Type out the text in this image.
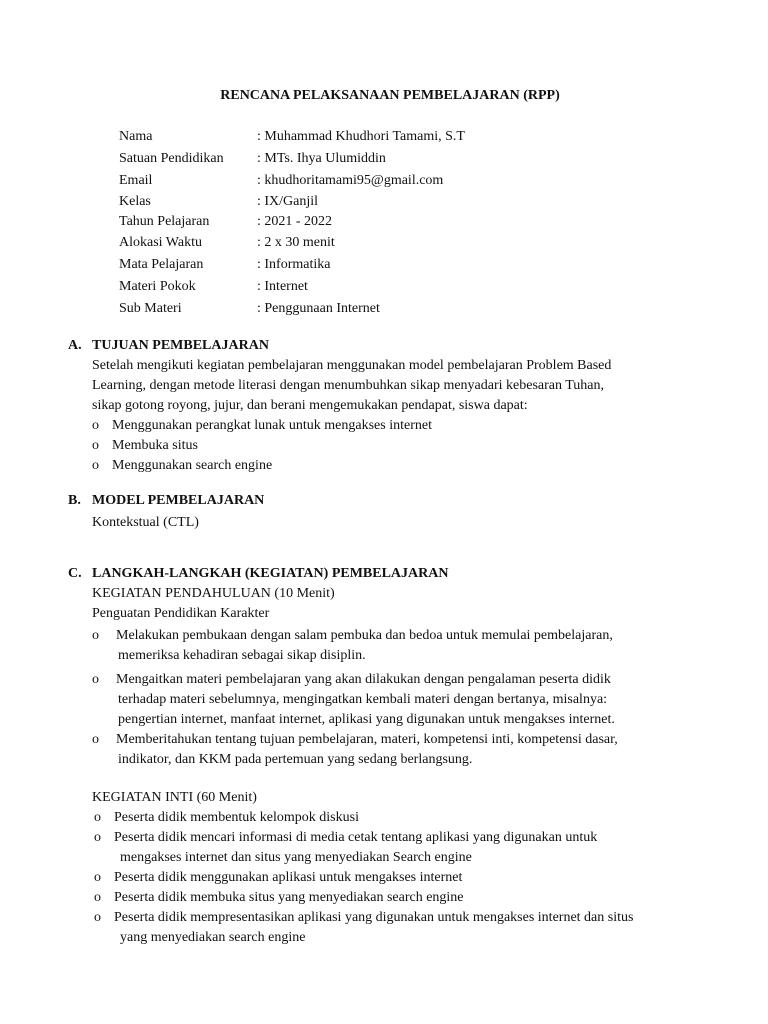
RENCANA PELAKSANAAN PEMBELAJARAN (RPP)
Nama	: Muhammad Khudhori Tamami, S.T
Satuan Pendidikan	: MTs. Ihya Ulumiddin
Email	: khudhoritamami95@gmail.com
Kelas	: IX/Ganjil
Tahun Pelajaran	: 2021 - 2022
Alokasi Waktu	: 2 x 30 menit
Mata Pelajaran	: Informatika
Materi Pokok	: Internet
Sub Materi	: Penggunaan Internet
A. TUJUAN PEMBELAJARAN
Setelah mengikuti kegiatan pembelajaran menggunakan model pembelajaran Problem Based
Learning, dengan metode literasi dengan menumbuhkan sikap menyadari kebesaran Tuhan,
sikap gotong royong, jujur, dan berani mengemukakan pendapat, siswa dapat:
o Menggunakan perangkat lunak untuk mengakses internet
o Membuka situs
o Menggunakan search engine
B. MODEL PEMBELAJARAN
Kontekstual (CTL)
C. LANGKAH-LANGKAH (KEGIATAN) PEMBELAJARAN
KEGIATAN PENDAHULUAN (10 Menit)
Penguatan Pendidikan Karakter
o	Melakukan pembukaan dengan salam pembuka dan bedoa untuk memulai pembelajaran,
memeriksa kehadiran sebagai sikap disiplin.
o	Mengaitkan materi pembelajaran yang akan dilakukan dengan pengalaman peserta didik
terhadap materi sebelumnya, mengingatkan kembali materi dengan bertanya, misalnya:
pengertian internet, manfaat internet, aplikasi yang digunakan untuk mengakses internet.
o	Memberitahukan tentang tujuan pembelajaran, materi, kompetensi inti, kompetensi dasar,
indikator, dan KKM pada pertemuan yang sedang berlangsung.
KEGIATAN INTI (60 Menit)
o Peserta didik membentuk kelompok diskusi
o Peserta didik mencari informasi di media cetak tentang aplikasi yang digunakan untuk
mengakses internet dan situs yang menyediakan Search engine
o Peserta didik menggunakan aplikasi untuk mengakses internet
o Peserta didik membuka situs yang menyediakan search engine
o Peserta didik mempresentasikan aplikasi yang digunakan untuk mengakses internet dan situs
yang menyediakan search engine
